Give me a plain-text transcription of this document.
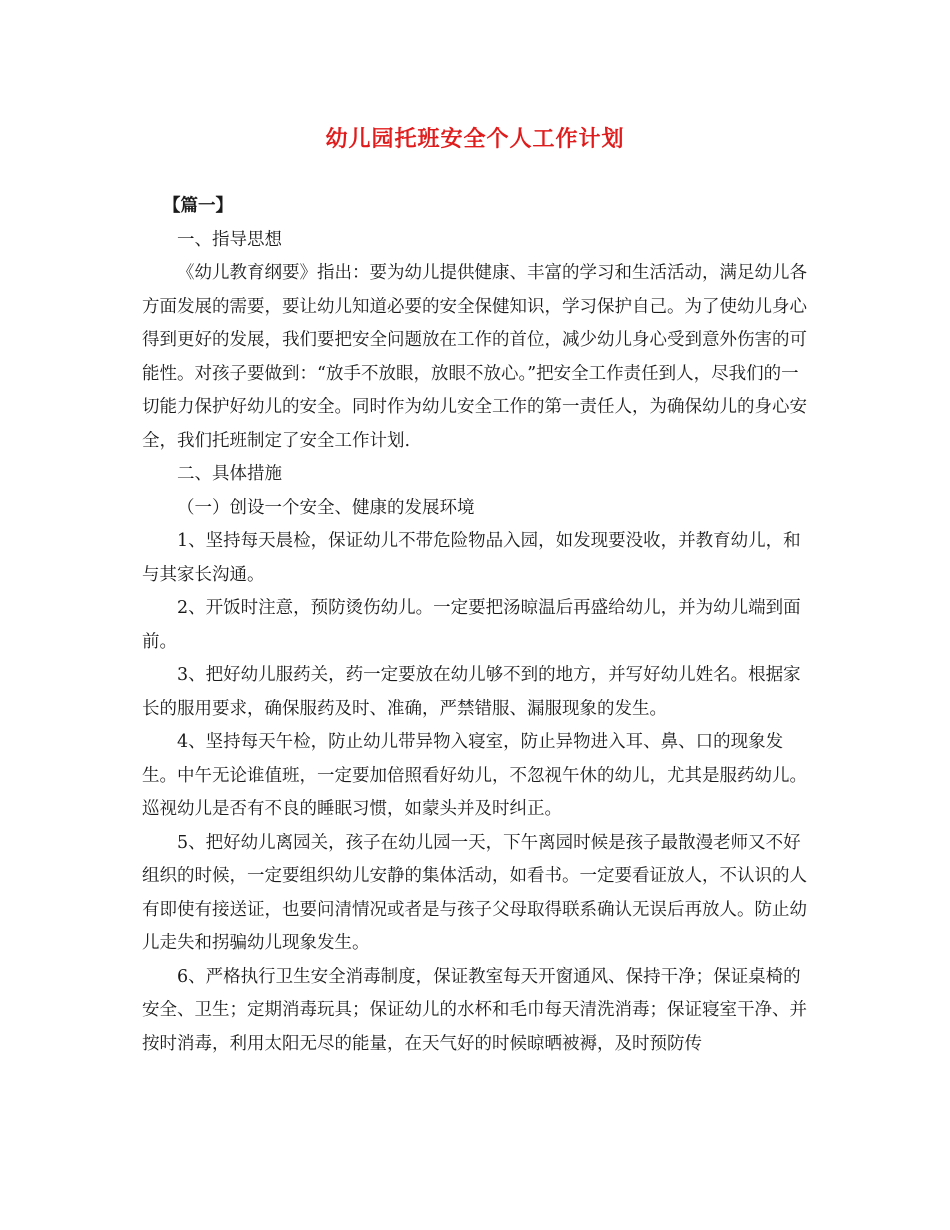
幼儿园托班安全个人工作计划

【篇一】

一、指导思想

《幼儿教育纲要》指出：要为幼儿提供健康、丰富的学习和生活活动，满足幼儿各方面发展的需要，要让幼儿知道必要的安全保健知识，学习保护自己。为了使幼儿身心得到更好的发展，我们要把安全问题放在工作的首位，减少幼儿身心受到意外伤害的可能性。对孩子要做到：“放手不放眼，放眼不放心。”把安全工作责任到人，尽我们的一切能力保护好幼儿的安全。同时作为幼儿安全工作的第一责任人，为确保幼儿的身心安全，我们托班制定了安全工作计划.

二、具体措施

（一）创设一个安全、健康的发展环境

1、坚持每天晨检，保证幼儿不带危险物品入园，如发现要没收，并教育幼儿，和与其家长沟通。

2、开饭时注意，预防烫伤幼儿。一定要把汤晾温后再盛给幼儿，并为幼儿端到面前。

3、把好幼儿服药关，药一定要放在幼儿够不到的地方，并写好幼儿姓名。根据家长的服用要求，确保服药及时、准确，严禁错服、漏服现象的发生。

4、坚持每天午检，防止幼儿带异物入寝室，防止异物进入耳、鼻、口的现象发生。中午无论谁值班，一定要加倍照看好幼儿，不忽视午休的幼儿，尤其是服药幼儿。巡视幼儿是否有不良的睡眠习惯，如蒙头并及时纠正。

5、把好幼儿离园关，孩子在幼儿园一天，下午离园时候是孩子最散漫老师又不好组织的时候，一定要组织幼儿安静的集体活动，如看书。一定要看证放人，不认识的人有即使有接送证，也要问清情况或者是与孩子父母取得联系确认无误后再放人。防止幼儿走失和拐骗幼儿现象发生。

6、严格执行卫生安全消毒制度，保证教室每天开窗通风、保持干净；保证桌椅的安全、卫生；定期消毒玩具；保证幼儿的水杯和毛巾每天清洗消毒；保证寝室干净、并按时消毒，利用太阳无尽的能量，在天气好的时候晾晒被褥，及时预防传
